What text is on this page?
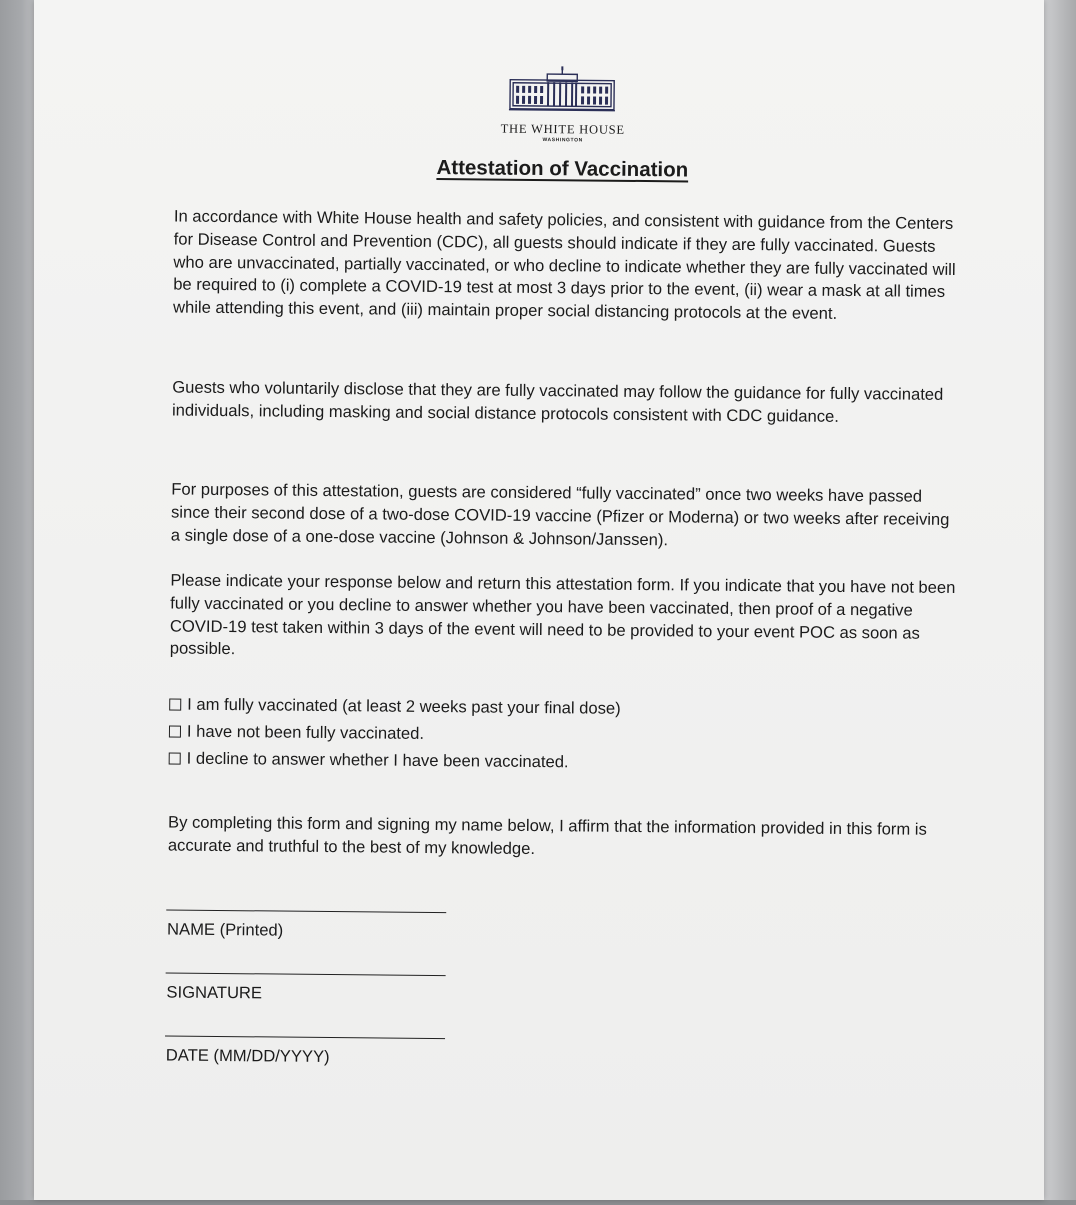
THE WHITE HOUSE
WASHINGTON
Attestation of Vaccination

In accordance with White House health and safety policies, and consistent with guidance from the Centers for Disease Control and Prevention (CDC), all guests should indicate if they are fully vaccinated. Guests who are unvaccinated, partially vaccinated, or who decline to indicate whether they are fully vaccinated will be required to (i) complete a COVID-19 test at most 3 days prior to the event, (ii) wear a mask at all times while attending this event, and (iii) maintain proper social distancing protocols at the event.

Guests who voluntarily disclose that they are fully vaccinated may follow the guidance for fully vaccinated individuals, including masking and social distance protocols consistent with CDC guidance.

For purposes of this attestation, guests are considered “fully vaccinated” once two weeks have passed since their second dose of a two-dose COVID-19 vaccine (Pfizer or Moderna) or two weeks after receiving a single dose of a one-dose vaccine (Johnson & Johnson/Janssen).

Please indicate your response below and return this attestation form. If you indicate that you have not been fully vaccinated or you decline to answer whether you have been vaccinated, then proof of a negative COVID-19 test taken within 3 days of the event will need to be provided to your event POC as soon as possible.

I am fully vaccinated (at least 2 weeks past your final dose)
I have not been fully vaccinated.
I decline to answer whether I have been vaccinated.

By completing this form and signing my name below, I affirm that the information provided in this form is accurate and truthful to the best of my knowledge.

NAME (Printed)
SIGNATURE
DATE (MM/DD/YYYY)
